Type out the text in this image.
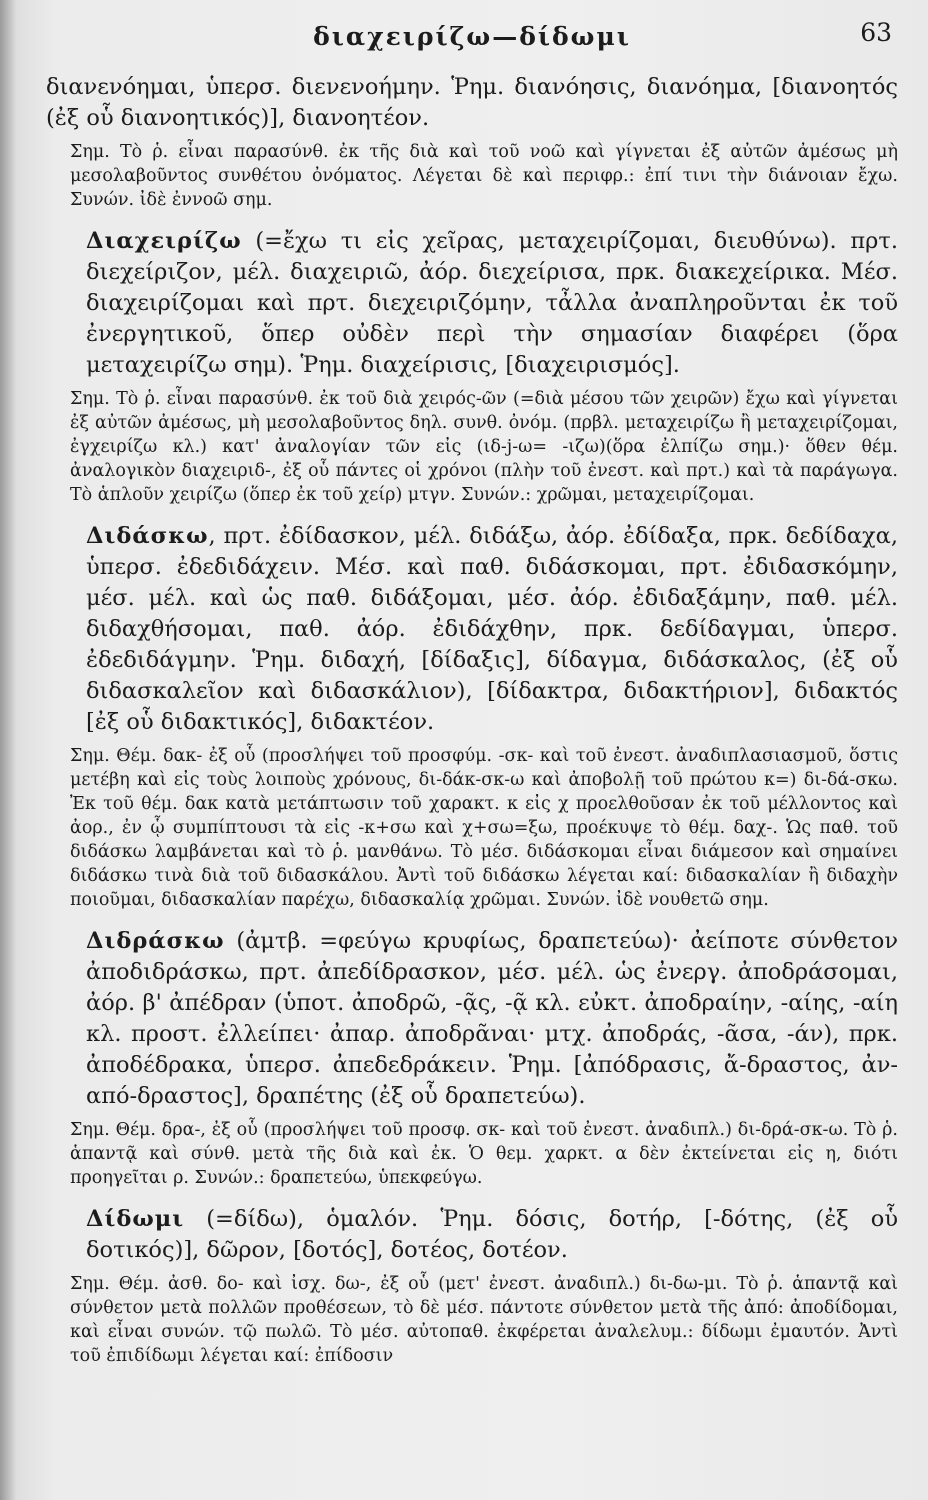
διαχειρίζω—δίδωμι	63

διανενόημαι, ὑπερσ. διενενοήμην. Ῥημ. διανόησις, διανόημα, [διανοητός (ἐξ οὗ διανοητικός)], διανοητέον.

Σημ. Τὸ ῥ. εἶναι παρασύνθ. ἐκ τῆς διὰ καὶ τοῦ νοῶ καὶ γίγνεται ἐξ αὐτῶν ἀμέσως μὴ μεσολαβοῦντος συνθέτου ὀνόματος. Λέγεται δὲ καὶ περιφρ.: ἐπί τινι τὴν διάνοιαν ἔχω. Συνών. ἰδὲ ἐννοῶ σημ.

Διαχειρίζω (=ἔχω τι εἰς χεῖρας, μεταχειρίζομαι, διευθύνω). πρτ. διεχείριζον, μέλ. διαχειριῶ, ἀόρ. διεχείρισα, πρκ. διακεχείρικα. Μέσ. διαχειρίζομαι καὶ πρτ. διεχειριζόμην, τἆλλα ἀναπληροῦνται ἐκ τοῦ ἐνεργητικοῦ, ὅπερ οὐδὲν περὶ τὴν σημασίαν διαφέρει (ὅρα μεταχειρίζω σημ). Ῥημ. διαχείρισις, [διαχειρισμός].

Σημ. Τὸ ῥ. εἶναι παρασύνθ. ἐκ τοῦ διὰ χειρός-ῶν (=διὰ μέσου τῶν χειρῶν) ἔχω καὶ γίγνεται ἐξ αὐτῶν ἀμέσως, μὴ μεσολαβοῦντος δηλ. συνθ. ὀνόμ. (πρβλ. μεταχειρίζω ἢ μεταχειρίζομαι, ἐγχειρίζω κλ.) κατ' ἀναλογίαν τῶν εἰς (ιδ-j-ω= -ιζω)(ὅρα ἐλπίζω σημ.)· ὅθεν θέμ. ἀναλογικὸν διαχειριδ-, ἐξ οὗ πάντες οἱ χρόνοι (πλὴν τοῦ ἐνεστ. καὶ πρτ.) καὶ τὰ παράγωγα. Τὸ ἁπλοῦν χειρίζω (ὅπερ ἐκ τοῦ χείρ) μτγν. Συνών.: χρῶμαι, μεταχειρίζομαι.

Διδάσκω, πρτ. ἐδίδασκον, μέλ. διδάξω, ἀόρ. ἐδίδαξα, πρκ. δεδίδαχα, ὑπερσ. ἐδεδιδάχειν. Μέσ. καὶ παθ. διδάσκομαι, πρτ. ἐδιδασκόμην, μέσ. μέλ. καὶ ὡς παθ. διδάξομαι, μέσ. ἀόρ. ἐδιδαξάμην, παθ. μέλ. διδαχθήσομαι, παθ. ἀόρ. ἐδιδάχθην, πρκ. δεδίδαγμαι, ὑπερσ. ἐδεδιδάγμην. Ῥημ. διδαχή, [δίδαξις], δίδαγμα, διδάσκαλος, (ἐξ οὗ διδασκαλεῖον καὶ διδασκάλιον), [δίδακτρα, διδακτήριον], διδακτός [ἐξ οὗ διδακτικός], διδακτέον.

Σημ. Θέμ. δακ- ἐξ οὗ (προσλήψει τοῦ προσφύμ. -σκ- καὶ τοῦ ἐνεστ. ἀναδιπλασιασμοῦ, ὅστις μετέβη καὶ εἰς τοὺς λοιποὺς χρόνους, δι-δάκ-σκ-ω καὶ ἀποβολῇ τοῦ πρώτου κ=) δι-δά-σκω. Ἐκ τοῦ θέμ. δακ κατὰ μετάπτωσιν τοῦ χαρακτ. κ εἰς χ προελθοῦσαν ἐκ τοῦ μέλλοντος καὶ ἀορ., ἐν ᾧ συμπίπτουσι τὰ εἰς -κ+σω καὶ χ+σω=ξω, προέκυψε τὸ θέμ. δαχ-. Ὡς παθ. τοῦ διδάσκω λαμβάνεται καὶ τὸ ῥ. μανθάνω. Τὸ μέσ. διδάσκομαι εἶναι διάμεσον καὶ σημαίνει διδάσκω τινὰ διὰ τοῦ διδασκάλου. Ἀντὶ τοῦ διδάσκω λέγεται καί: διδασκαλίαν ἢ διδαχὴν ποιοῦμαι, διδασκαλίαν παρέχω, διδασκαλίᾳ χρῶμαι. Συνών. ἰδὲ νουθετῶ σημ.

Διδράσκω (ἀμτβ. =φεύγω κρυφίως, δραπετεύω)· ἀείποτε σύνθετον ἀποδιδράσκω, πρτ. ἀπεδίδρασκον, μέσ. μέλ. ὡς ἐνεργ. ἀποδράσομαι, ἀόρ. β' ἀπέδραν (ὑποτ. ἀποδρῶ, -ᾷς, -ᾷ κλ. εὐκτ. ἀποδραίην, -αίης, -αίη κλ. προστ. ἐλλείπει· ἀπαρ. ἀποδρᾶναι· μτχ. ἀποδράς, -ᾶσα, -άν), πρκ. ἀποδέδρακα, ὑπερσ. ἀπεδεδράκειν. Ῥημ. [ἀπόδρασις, ἄ-δραστος, ἀν-από-δραστος], δραπέτης (ἐξ οὗ δραπετεύω).

Σημ. Θέμ. δρα-, ἐξ οὗ (προσλήψει τοῦ προσφ. σκ- καὶ τοῦ ἐνεστ. ἀναδιπλ.) δι-δρά-σκ-ω. Τὸ ῥ. ἁπαντᾷ καὶ σύνθ. μετὰ τῆς διὰ καὶ ἐκ. Ὁ θεμ. χαρκτ. α δὲν ἐκτείνεται εἰς η, διότι προηγεῖται ρ. Συνών.: δραπετεύω, ὑπεκφεύγω.

Δίδωμι (=δίδω), ὁμαλόν. Ῥημ. δόσις, δοτήρ, [-δότης, (ἐξ οὗ δοτικός)], δῶρον, [δοτός], δοτέος, δοτέον.

Σημ. Θέμ. ἀσθ. δο- καὶ ἰσχ. δω-, ἐξ οὗ (μετ' ἐνεστ. ἀναδιπλ.) δι-δω-μι. Τὸ ῥ. ἁπαντᾷ καὶ σύνθετον μετὰ πολλῶν προθέσεων, τὸ δὲ μέσ. πάντοτε σύνθετον μετὰ τῆς ἀπό: ἀποδίδομαι, καὶ εἶναι συνών. τῷ πωλῶ. Τὸ μέσ. αὐτοπαθ. ἐκφέρεται ἀναλελυμ.: δίδωμι ἐμαυτόν. Ἀντὶ τοῦ ἐπιδίδωμι λέγεται καί: ἐπίδοσιν
